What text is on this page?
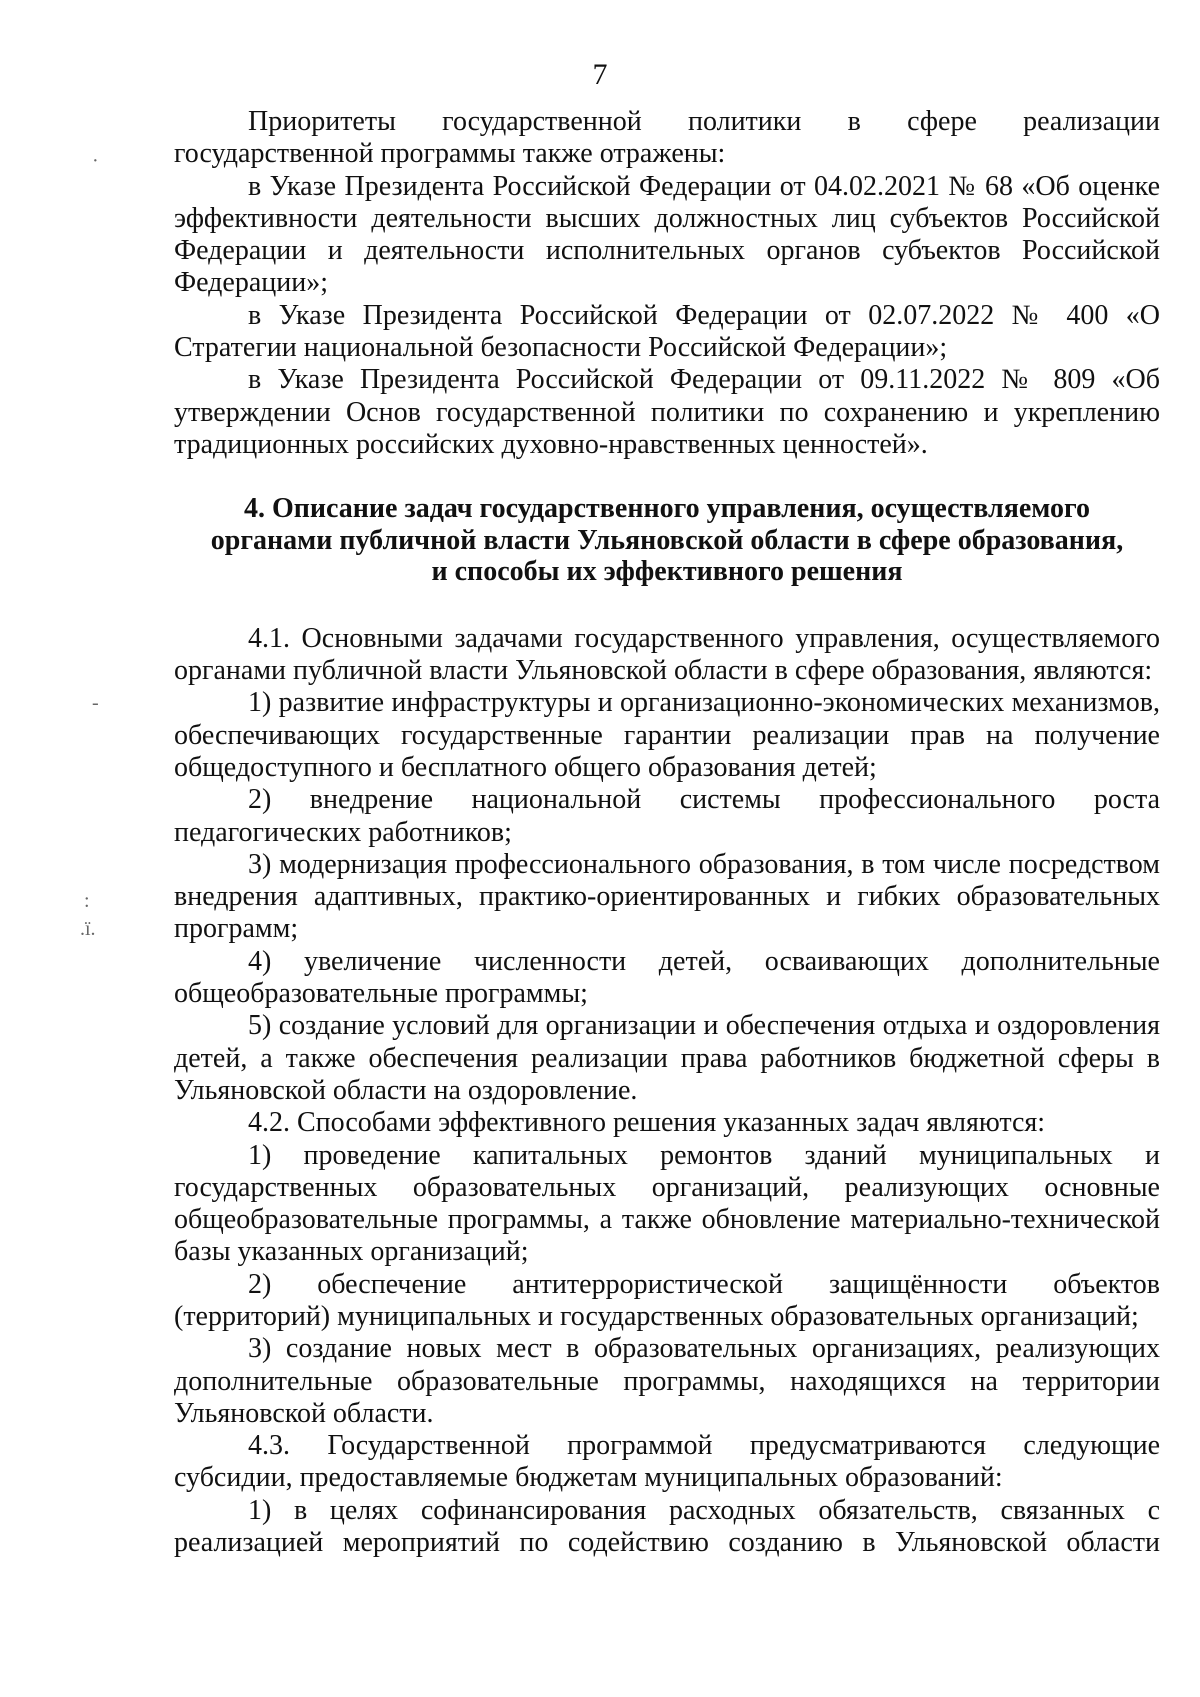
7
·
-
:
.ï.

Приоритеты государственной политики в сфере реализации государственной программы также отражены:

в Указе Президента Российской Федерации от 04.02.2021 № 68 «Об оценке эффективности деятельности высших должностных лиц субъектов Российской Федерации и деятельности исполнительных органов субъектов Российской Федерации»;

в Указе Президента Российской Федерации от 02.07.2022 № 400 «О Стратегии национальной безопасности Российской Федерации»;

в Указе Президента Российской Федерации от 09.11.2022 № 809 «Об утверждении Основ государственной политики по сохранению и укреплению традиционных российских духовно-нравственных ценностей».

4. Описание задач государственного управления, осуществляемого
органами публичной власти Ульяновской области в сфере образования,
и способы их эффективного решения

4.1. Основными задачами государственного управления, осуществляемого органами публичной власти Ульяновской области в сфере образования, являются:

1) развитие инфраструктуры и организационно-экономических механизмов, обеспечивающих государственные гарантии реализации прав на получение общедоступного и бесплатного общего образования детей;

2) внедрение национальной системы профессионального роста педагогических работников;

3) модернизация профессионального образования, в том числе посредством внедрения адаптивных, практико-ориентированных и гибких образовательных программ;

4) увеличение численности детей, осваивающих дополнительные общеобразовательные программы;

5) создание условий для организации и обеспечения отдыха и оздоровления детей, а также обеспечения реализации права работников бюджетной сферы в Ульяновской области на оздоровление.

4.2. Способами эффективного решения указанных задач являются:

1) проведение капитальных ремонтов зданий муниципальных и государственных образовательных организаций, реализующих основные общеобразовательные программы, а также обновление материально-технической базы указанных организаций;

2) обеспечение антитеррористической защищённости объектов (территорий) муниципальных и государственных образовательных организаций;

3) создание новых мест в образовательных организациях, реализующих дополнительные образовательные программы, находящихся на территории Ульяновской области.

4.3. Государственной программой предусматриваются следующие субсидии, предоставляемые бюджетам муниципальных образований:

1) в целях софинансирования расходных обязательств, связанных с реализацией мероприятий по содействию созданию в Ульяновской области
